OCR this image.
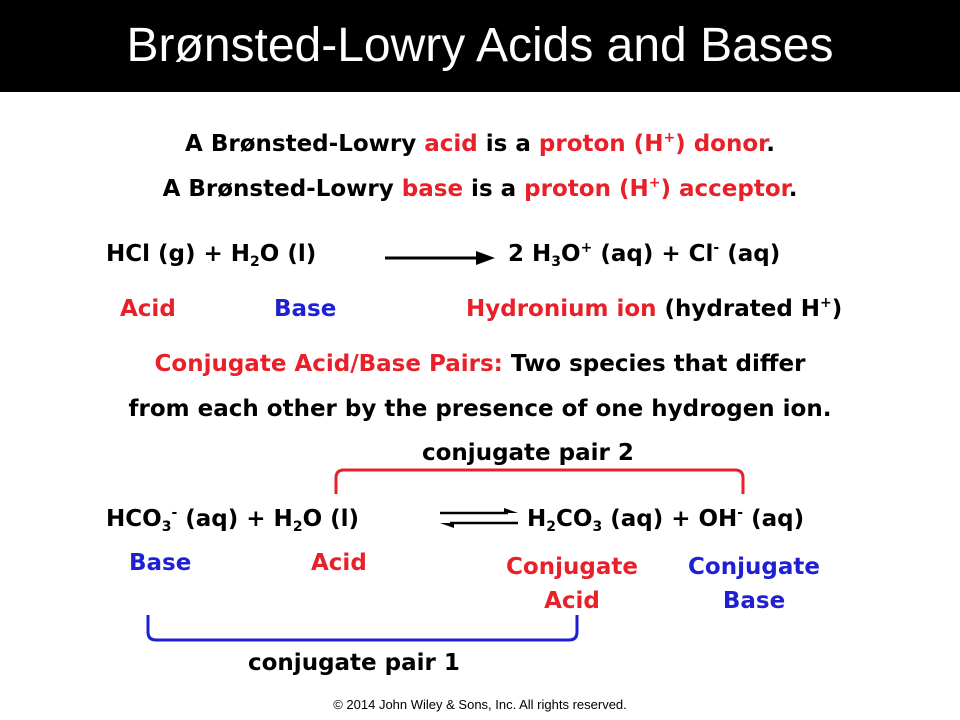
Brønsted-Lowry Acids and Bases
A Brønsted-Lowry acid is a proton (H+) donor.
A Brønsted-Lowry base is a proton (H+) acceptor.
HCl $(g) + H_2O$ (l)	2 $H_3O^+$ (aq) + Cl- (aq)
Acid	Base	Hydronium ion (hydrated H+)
Conjugate Acid/Base Pairs: Two species that differ
from each other by the presence of one hydrogen ion.
conjugate pair 2
$HCO_3^-$ $(aq) + H_2O$ (l)	$H_2CO_3$ (aq) + OH- (aq)
Base	Acid	Conjugate
Acid
Conjugate
Base
conjugate pair 1
© 2014 John Wiley & Sons, Inc. All rights reserved.
